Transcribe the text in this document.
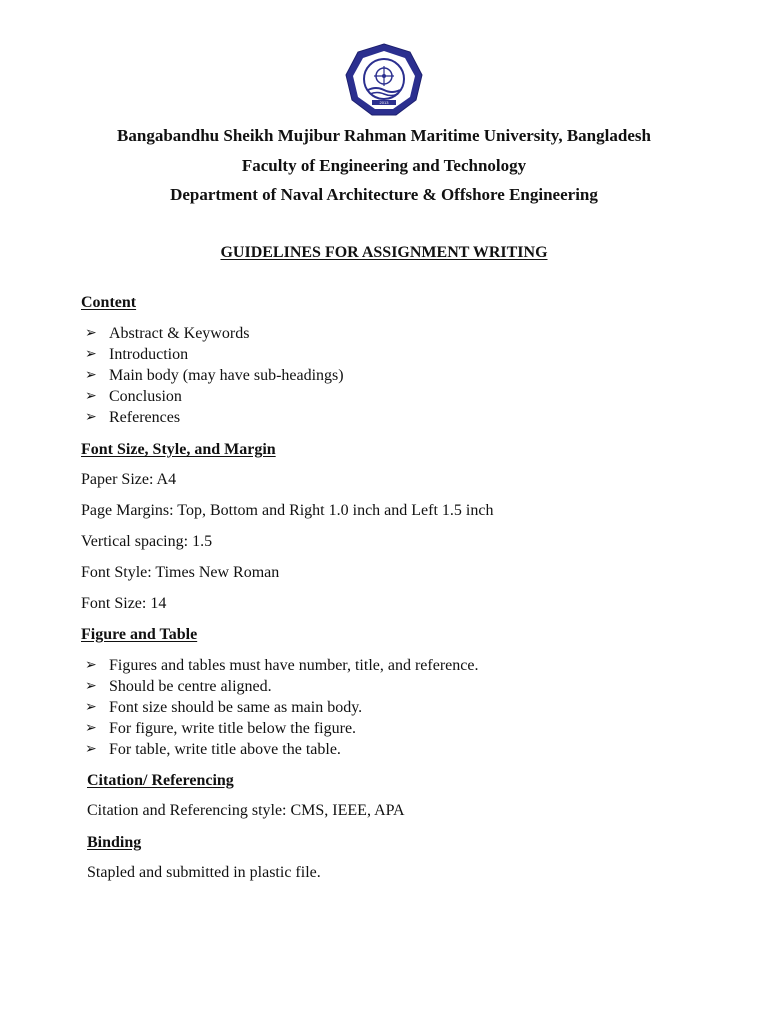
2013
Bangabandhu Sheikh Mujibur Rahman Maritime University, Bangladesh
Faculty of Engineering and Technology
Department of Naval Architecture & Offshore Engineering
GUIDELINES FOR ASSIGNMENT WRITING
Content
➢ Abstract & Keywords
➢ Introduction
➢ Main body (may have sub-headings)
➢ Conclusion
➢ References
Font Size, Style, and Margin
Paper Size: A4
Page Margins: Top, Bottom and Right 1.0 inch and Left 1.5 inch
Vertical spacing: 1.5
Font Style: Times New Roman
Font Size: 14
Figure and Table
➢ Figures and tables must have number, title, and reference.
➢ Should be centre aligned.
➢ Font size should be same as main body.
➢ For figure, write title below the figure.
➢ For table, write title above the table.
Citation/ Referencing
Citation and Referencing style: CMS, IEEE, APA
Binding
Stapled and submitted in plastic file.
